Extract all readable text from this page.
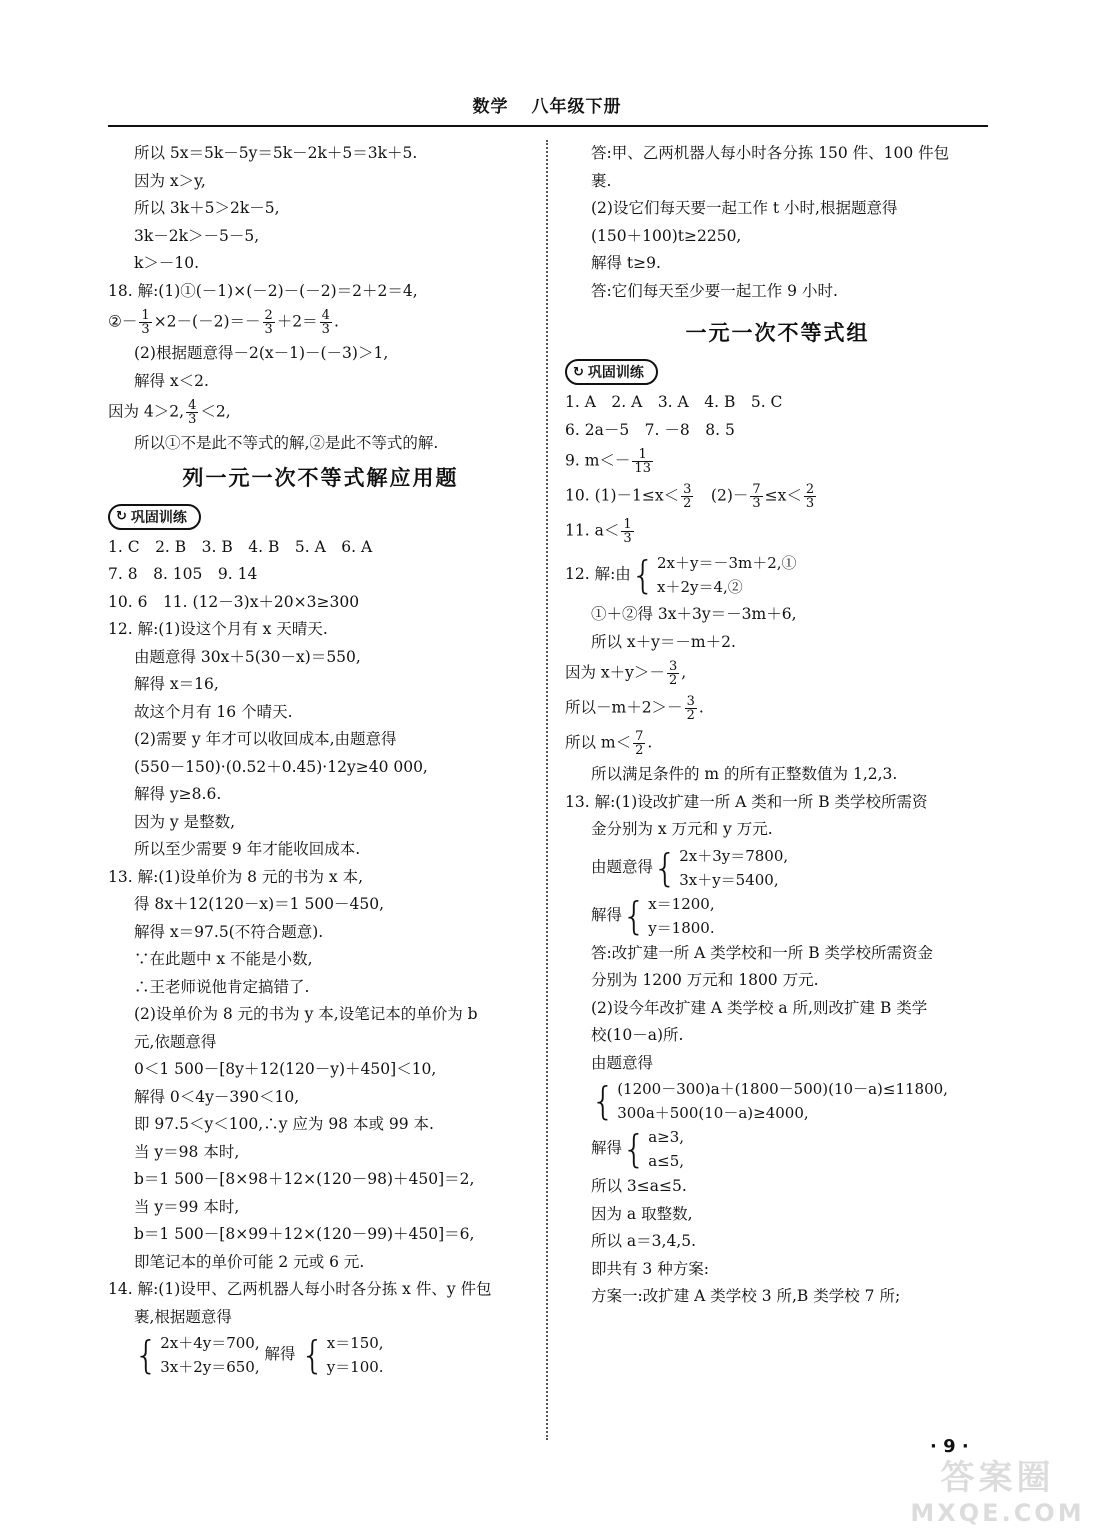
数学 八年级下册
所以 5x＝5k－5y＝5k－2k＋5＝3k＋5.
因为 x＞y,
所以 3k＋5＞2k－5,
3k－2k＞－5－5,
k＞－10.
18. 解:(1)①(－1)×(－2)－(－2)＝2＋2＝4,
②－ $\frac{1}{3} \times 2-(-2)=- \frac{2}{3} +2= \frac{4}{3}$ .
(2)根据题意得－2(x－1)－(－3)＞1,
解得 x＜2.
因为 4＞2, $\frac{4}{3} <2$,
所以①不是此不等式的解,②是此不等式的解.
列一元一次不等式解应用题
↻ 巩固训练
1. C　2. B　3. B　4. B　5. A　6. A
7. 8　8. 105　9. 14
10. 6　11. (12－3)x＋20×3≥300
12. 解:(1)设这个月有 x 天晴天.
由题意得 30x＋5(30－x)＝550,
解得 x＝16,
故这个月有 16 个晴天.
(2)需要 y 年才可以收回成本,由题意得
(550－150)·(0.52＋0.45)·12y≥40 000,
解得 y≥8.6.
因为 y 是整数,
所以至少需要 9 年才能收回成本.
13. 解:(1)设单价为 8 元的书为 x 本,
得 8x＋12(120－x)＝1 500－450,
解得 x＝97.5(不符合题意).
∵在此题中 x 不能是小数,
∴王老师说他肯定搞错了.
(2)设单价为 8 元的书为 y 本,设笔记本的单价为 b
元,依题意得
0＜1 500－[8y＋12(120－y)＋450]＜10,
解得 0＜4y－390＜10,
即 97.5＜y＜100,∴y 应为 98 本或 99 本.
当 y＝98 本时,
b＝1 500－[8×98＋12×(120－98)＋450]＝2,
当 y＝99 本时,
b＝1 500－[8×99＋12×(120－99)＋450]＝6,
即笔记本的单价可能 2 元或 6 元.
14. 解:(1)设甲、乙两机器人每小时各分拣 x 件、y 件包
裹,根据题意得
{ 2x＋4y＝700,
3x＋2y＝650,
解得 { x＝150,
y＝100.
答:甲、乙两机器人每小时各分拣 150 件、100 件包
裹.
(2)设它们每天要一起工作 t 小时,根据题意得
(150＋100)t≥2250,
解得 t≥9.
答:它们每天至少要一起工作 9 小时.
一元一次不等式组
↻ 巩固训练
1. A　2. A　3. A　4. B　5. C
6. 2a－5　7. －8　8. 5
9. $m<- \frac{1}{13}$
10. $(1)-1\le x< \frac{3}{2}$ 　$(2)- \frac{7}{3} \le x< \frac{2}{3}$
11. $a< \frac{1}{3}$
12. 解:由 { 2x＋y＝－3m＋2,①
x＋2y＝4,②
①＋②得 3x＋3y＝－3m＋6,
所以 x＋y＝－m＋2.
因为 $x+y>- \frac{3}{2}$ ,
所以$-m+2>- \frac{3}{2}$ .
所以 $m< \frac{7}{2}$ .
所以满足条件的 m 的所有正整数值为 1,2,3.
13. 解:(1)设改扩建一所 A 类和一所 B 类学校所需资
金分别为 x 万元和 y 万元.
由题意得 { 2x＋3y＝7800,
3x＋y＝5400,
解得 { x＝1200,
y＝1800.
答:改扩建一所 A 类学校和一所 B 类学校所需资金
分别为 1200 万元和 1800 万元.
(2)设今年改扩建 A 类学校 a 所,则改扩建 B 类学
校(10－a)所.
由题意得
{ (1200－300)a＋(1800－500)(10－a)≤11800,
300a＋500(10－a)≥4000,
解得 { a≥3,
a≤5,
所以 3≤a≤5.
因为 a 取整数,
所以 a＝3,4,5.
即共有 3 种方案:
方案一:改扩建 A 类学校 3 所,B 类学校 7 所;
· 9 ·
答案圈
MXQE.COM
